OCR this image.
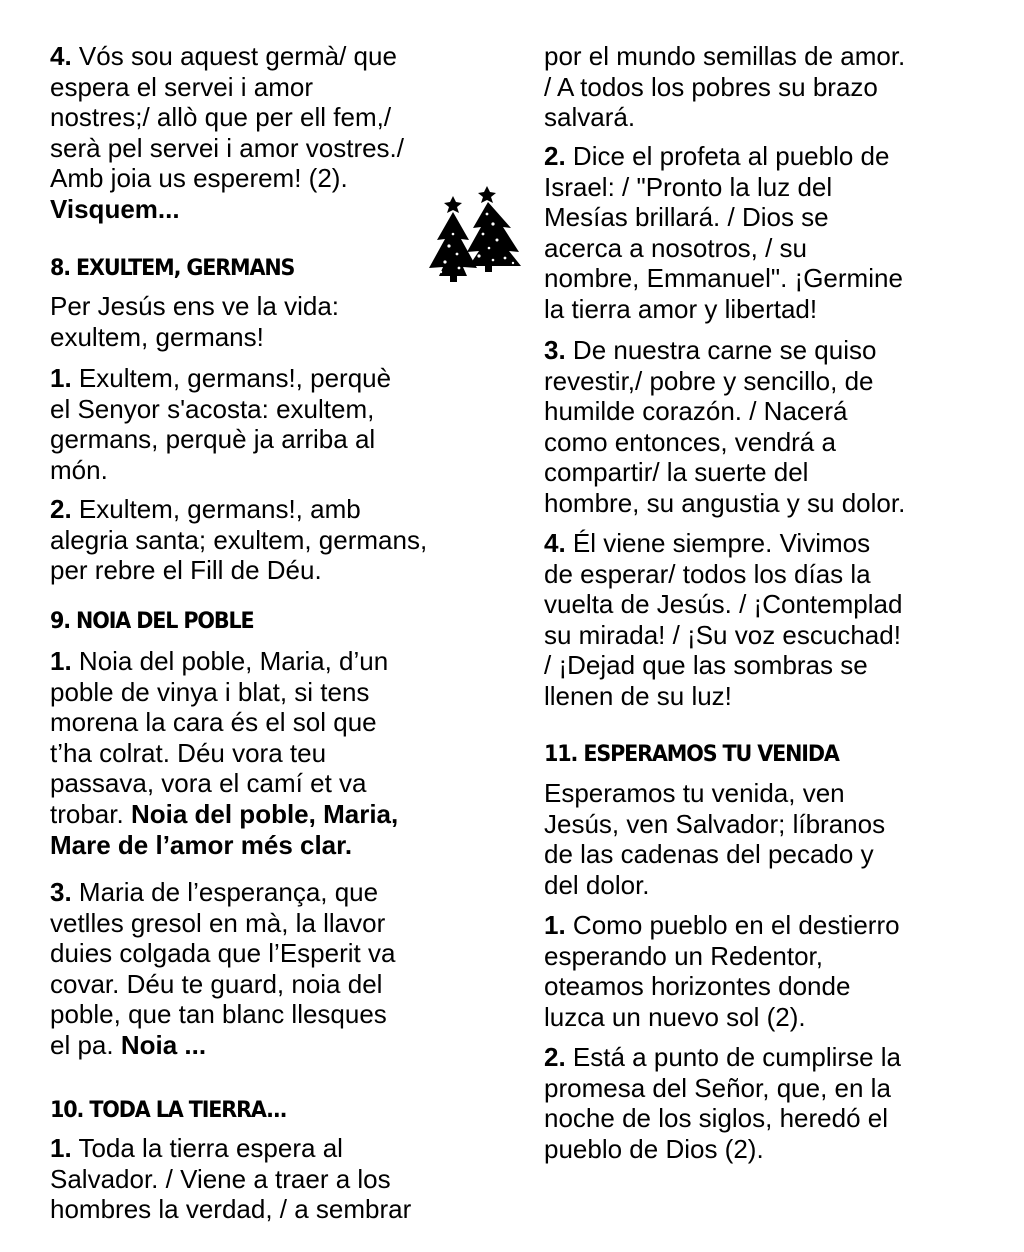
4. Vós sou aquest germà/ que
espera el servei i amor
nostres;/ allò que per ell fem,/
serà pel servei i amor vostres./
Amb joia us esperem! (2).
Visquem...

8. EXULTEM, GERMANS

Per Jesús ens ve la vida:
exultem, germans!

1. Exultem, germans!, perquè
el Senyor s'acosta: exultem,
germans, perquè ja arriba al
món.

2. Exultem, germans!, amb
alegria santa; exultem, germans,
per rebre el Fill de Déu.

9. NOIA DEL POBLE

1. Noia del poble, Maria, d’un
poble de vinya i blat, si tens
morena la cara és el sol que
t’ha colrat. Déu vora teu
passava, vora el camí et va
trobar. Noia del poble, Maria,
Mare de l’amor més clar.

3. Maria de l’esperança, que
vetlles gresol en mà, la llavor
duies colgada que l’Esperit va
covar. Déu te guard, noia del
poble, que tan blanc llesques
el pa. Noia ...

10. TODA LA TIERRA...

1. Toda la tierra espera al
Salvador. / Viene a traer a los
hombres la verdad, / a sembrar

por el mundo semillas de amor.
/ A todos los pobres su brazo
salvará.

2. Dice el profeta al pueblo de
Israel: / "Pronto la luz del
Mesías brillará. / Dios se
acerca a nosotros, / su
nombre, Emmanuel". ¡Germine
la tierra amor y libertad!

3. De nuestra carne se quiso
revestir,/ pobre y sencillo, de
humilde corazón. / Nacerá
como entonces, vendrá a
compartir/ la suerte del
hombre, su angustia y su dolor.

4. Él viene siempre. Vivimos
de esperar/ todos los días la
vuelta de Jesús. / ¡Contemplad
su mirada! / ¡Su voz escuchad!
/ ¡Dejad que las sombras se
llenen de su luz!

11. ESPERAMOS TU VENIDA

Esperamos tu venida, ven
Jesús, ven Salvador; líbranos
de las cadenas del pecado y
del dolor.

1. Como pueblo en el destierro
esperando un Redentor,
oteamos horizontes donde
luzca un nuevo sol (2).

2. Está a punto de cumplirse la
promesa del Señor, que, en la
noche de los siglos, heredó el
pueblo de Dios (2).
